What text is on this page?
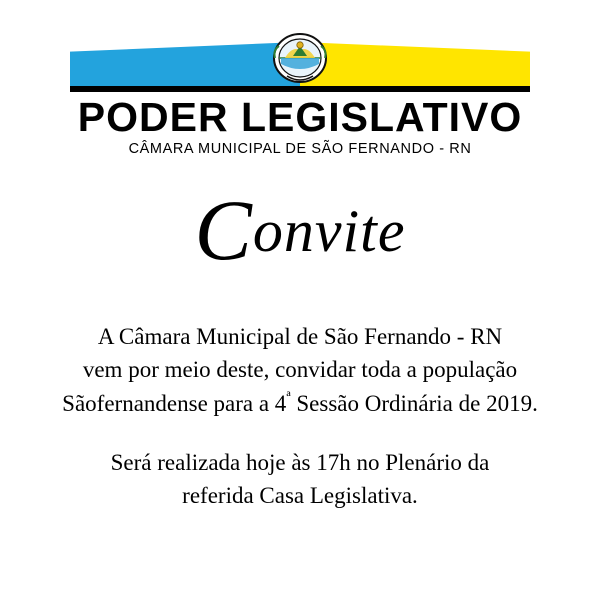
PODER LEGISLATIVO
CÂMARA MUNICIPAL DE SÃO FERNANDO - RN
Convite

A Câmara Municipal de São Fernando - RN
vem por meio deste, convidar toda a população
Sãofernandense para a $4^ª$ Sessão Ordinária de 2019.

Será realizada hoje às 17h no Plenário da
referida Casa Legislativa.
